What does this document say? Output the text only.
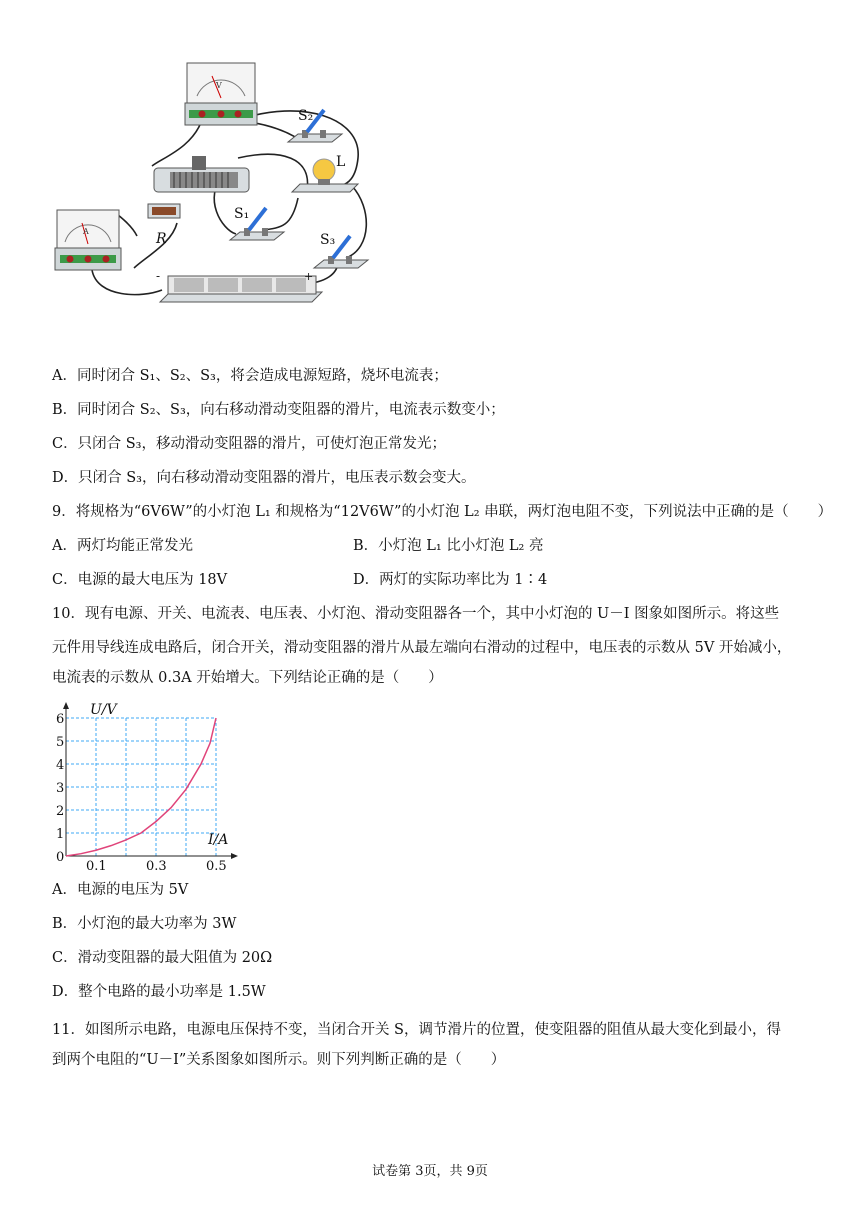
V
A	R
S₂
L
S₁
S₃
-	+
A．同时闭合 S₁、S₂、S₃，将会造成电源短路，烧坏电流表；
B．同时闭合 S₂、S₃，向右移动滑动变阻器的滑片，电流表示数变小；
C．只闭合 S₃，移动滑动变阻器的滑片，可使灯泡正常发光；
D．只闭合 S₃，向右移动滑动变阻器的滑片，电压表示数会变大。
9．将规格为“6V6W”的小灯泡 L₁ 和规格为“12V6W”的小灯泡 L₂ 串联，两灯泡电阻不变，下列说法中正确的是（　　）
A．两灯均能正常发光	B．小灯泡 L₁ 比小灯泡 L₂ 亮
C．电源的最大电压为 18V	D．两灯的实际功率比为 1∶4
10．现有电源、开关、电流表、电压表、小灯泡、滑动变阻器各一个，其中小灯泡的 U－I 图象如图所示。将这些
元件用导线连成电路后，闭合开关，滑动变阻器的滑片从最左端向右滑动的过程中，电压表的示数从 5V 开始减小，
电流表的示数从 0.3A 开始增大。下列结论正确的是（　　）
1
2
3
4
5
6
0.1	0.3	0.5
U/V
I/A
0
A．电源的电压为 5V
B．小灯泡的最大功率为 3W
C．滑动变阻器的最大阻值为 20Ω
D．整个电路的最小功率是 1.5W
11．如图所示电路，电源电压保持不变，当闭合开关 S，调节滑片的位置，使变阻器的阻值从最大变化到最小，得
到两个电阻的“U－I”关系图象如图所示。则下列判断正确的是（　　）
试卷第 3页，共 9页
